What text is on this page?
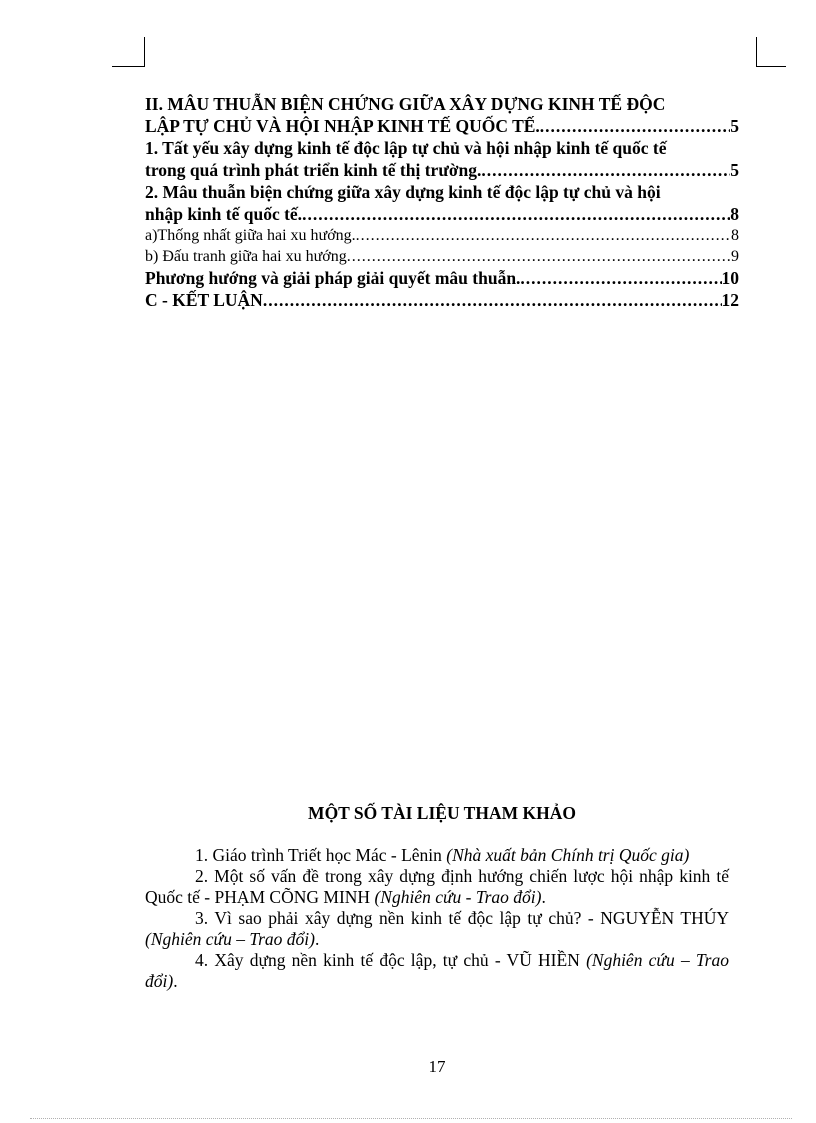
II. MÂU THUẪN BIỆN CHỨNG GIỮA XÂY DỰNG KINH TẾ ĐỘC
LẬP TỰ CHỦ VÀ HỘI NHẬP KINH TẾ QUỐC TẾ. .....	5
1. Tất yếu xây dựng kinh tế độc lập tự chủ và hội nhập kinh tế quốc tế
trong quá trình phát triển kinh tế thị trường. .....	5
2. Mâu thuẫn biện chứng giữa xây dựng kinh tế độc lập tự chủ và hội
nhập kinh tế quốc tế. .....	8
a)Thống nhất giữa hai xu hướng. .....	8
b) Đấu tranh giữa hai xu hướng .....	9
Phương hướng và giải pháp giải quyết mâu thuẫn. .....	10
C - KẾT LUẬN .....	12
MỘT SỐ TÀI LIỆU THAM KHẢO

1. Giáo trình Triết học Mác - Lênin (Nhà xuất bản Chính trị Quốc gia)

2. Một số vấn đề trong xây dựng định hướng chiến lược hội nhập kinh tế Quốc tế - PHẠM CÕNG MINH (Nghiên cứu - Trao đổi).

3. Vì sao phải xây dựng nền kinh tế độc lập tự chủ? - NGUYỄN THÚY (Nghiên cứu – Trao đổi).

4. Xây dựng nền kinh tế độc lập, tự chủ - VŨ HIỀN (Nghiên cứu – Trao đổi).

17
